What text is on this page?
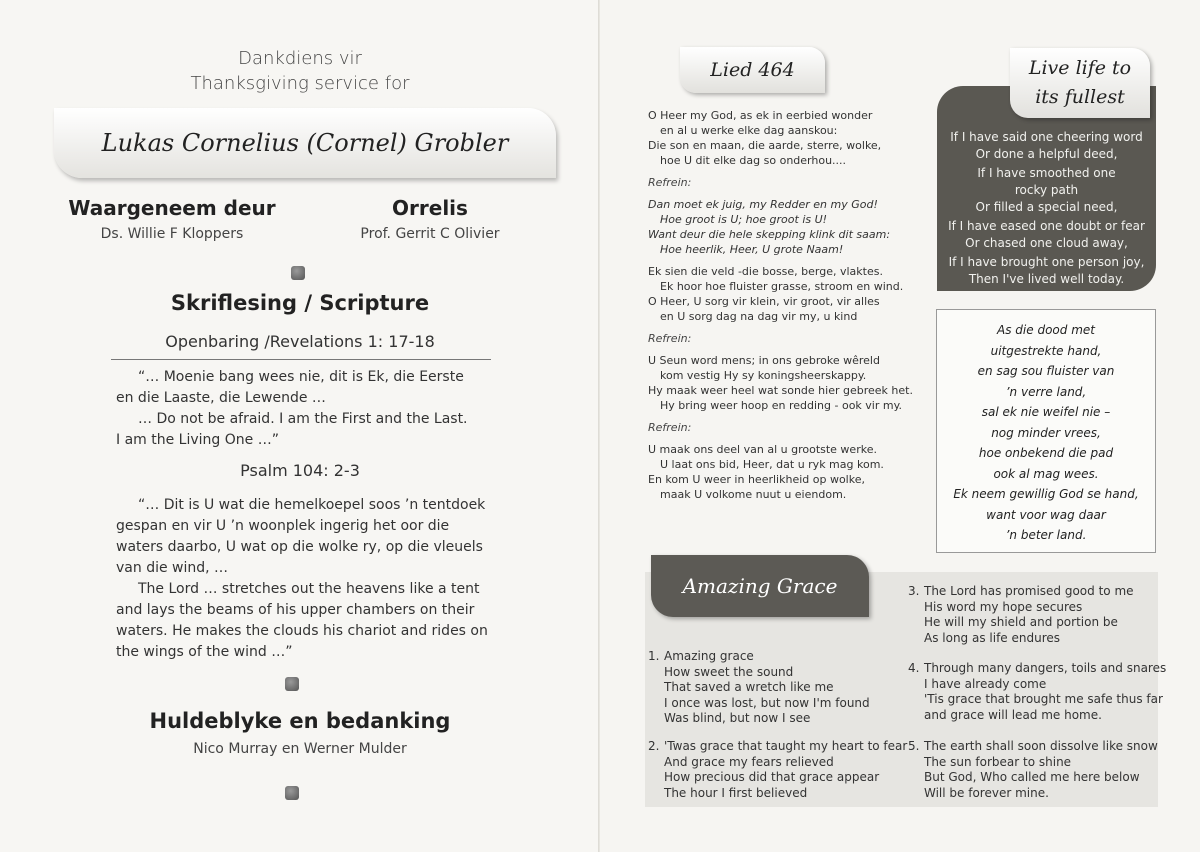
Dankdiens vir
Thanksgiving service for
Lukas Cornelius (Cornel) Grobler
Waargeneem deur
Ds. Willie F Kloppers
Orrelis
Prof. Gerrit C Olivier
Skriflesing / Scripture
Openbaring /Revelations 1: 17-18

“… Moenie bang wees nie, dit is Ek, die Eerste

en die Laaste, die Lewende …

… Do not be afraid. I am the First and the Last.

I am the Living One …”

Psalm 104: 2-3

“… Dit is U wat die hemelkoepel soos ’n tentdoek

gespan en vir U ’n woonplek ingerig het oor die

waters daarbo, U wat op die wolke ry, op die vleuels

van die wind, …

The Lord … stretches out the heavens like a tent

and lays the beams of his upper chambers on their

waters. He makes the clouds his chariot and rides on

the wings of the wind …”

Huldeblyke en bedanking
Nico Murray en Werner Mulder
Lied 464
O Heer my God, as ek in eerbied wonder
en al u werke elke dag aanskou:
Die son en maan, die aarde, sterre, wolke,
hoe U dit elke dag so onderhou....
Refrein:
Dan moet ek juig, my Redder en my God!
Hoe groot is U; hoe groot is U!
Want deur die hele skepping klink dit saam:
Hoe heerlik, Heer, U grote Naam!
Ek sien die veld -die bosse, berge, vlaktes.
Ek hoor hoe fluister grasse, stroom en wind.
O Heer, U sorg vir klein, vir groot, vir alles
en U sorg dag na dag vir my, u kind
Refrein:
U Seun word mens; in ons gebroke wêreld
kom vestig Hy sy koningsheerskappy.
Hy maak weer heel wat sonde hier gebreek het.
Hy bring weer hoop en redding - ook vir my.
Refrein:
U maak ons deel van al u grootste werke.
U laat ons bid, Heer, dat u ryk mag kom.
En kom U weer in heerlikheid op wolke,
maak U volkome nuut u eiendom.
Live life to
its fullest
If I have said one cheering word
Or done a helpful deed,
If I have smoothed one
rocky path
Or filled a special need,
If I have eased one doubt or fear
Or chased one cloud away,
If I have brought one person joy,
Then I've lived well today.
As die dood met
uitgestrekte hand,
en sag sou fluister van
’n verre land,
sal ek nie weifel nie –
nog minder vrees,
hoe onbekend die pad
ook al mag wees.
Ek neem gewillig God se hand,
want voor wag daar
’n beter land.
Amazing Grace
1. Amazing grace
How sweet the sound
That saved a wretch like me
I once was lost, but now I'm found
Was blind, but now I see
2. 'Twas grace that taught my heart to fear
And grace my fears relieved
How precious did that grace appear
The hour I first believed
3. The Lord has promised good to me
His word my hope secures
He will my shield and portion be
As long as life endures
4. Through many dangers, toils and snares
I have already come
'Tis grace that brought me safe thus far
and grace will lead me home.
5. The earth shall soon dissolve like snow
The sun forbear to shine
But God, Who called me here below
Will be forever mine.
